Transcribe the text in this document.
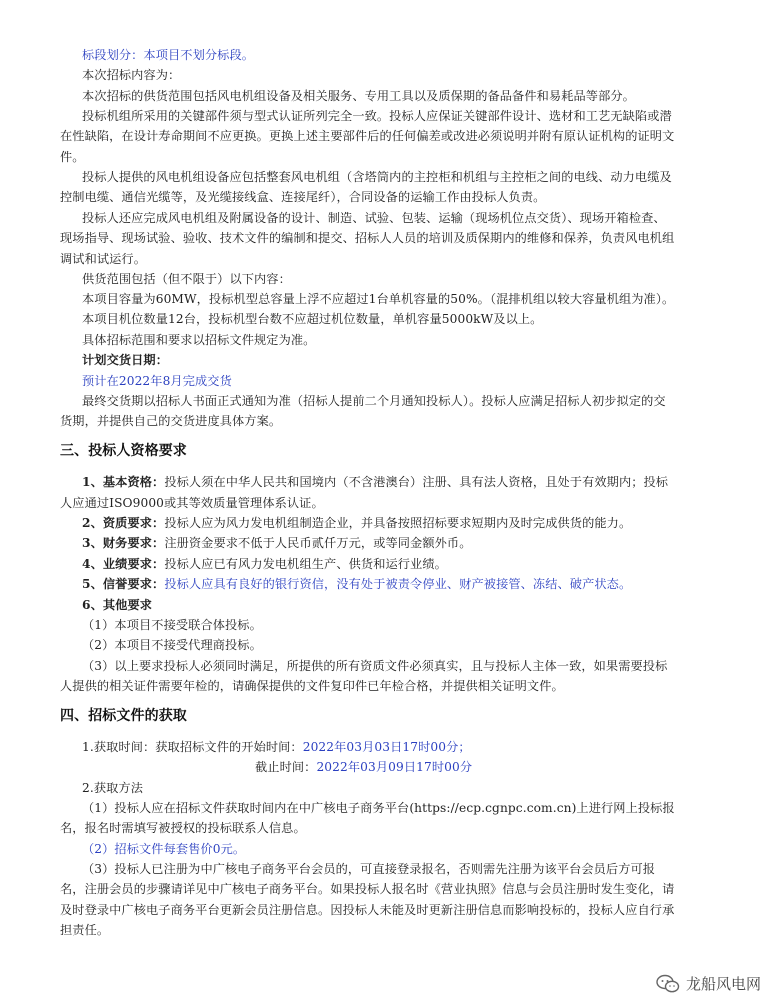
标段划分：本项目不划分标段。
本次招标内容为：
本次招标的供货范围包括风电机组设备及相关服务、专用工具以及质保期的备品备件和易耗品等部分。
投标机组所采用的关键部件须与型式认证所列完全一致。投标人应保证关键部件设计、选材和工艺无缺陷或潜
在性缺陷，在设计寿命期间不应更换。更换上述主要部件后的任何偏差或改进必须说明并附有原认证机构的证明文
件。
投标人提供的风电机组设备应包括整套风电机组（含塔筒内的主控柜和机组与主控柜之间的电线、动力电缆及
控制电缆、通信光缆等，及光缆接线盒、连接尾纤），合同设备的运输工作由投标人负责。
投标人还应完成风电机组及附属设备的设计、制造、试验、包装、运输（现场机位点交货）、现场开箱检查、
现场指导、现场试验、验收、技术文件的编制和提交、招标人人员的培训及质保期内的维修和保养，负责风电机组
调试和试运行。
供货范围包括（但不限于）以下内容：
本项目容量为60MW，投标机型总容量上浮不应超过1台单机容量的50%。（混排机组以较大容量机组为准）。
本项目机位数量12台，投标机型台数不应超过机位数量，单机容量5000kW及以上。
具体招标范围和要求以招标文件规定为准。
计划交货日期：
预计在2022年8月完成交货
最终交货期以招标人书面正式通知为准（招标人提前二个月通知投标人）。投标人应满足招标人初步拟定的交
货期，并提供自己的交货进度具体方案。
三、投标人资格要求
1、基本资格：投标人须在中华人民共和国境内（不含港澳台）注册、具有法人资格，且处于有效期内；投标
人应通过ISO9000或其等效质量管理体系认证。
2、资质要求：投标人应为风力发电机组制造企业，并具备按照招标要求短期内及时完成供货的能力。
3、财务要求：注册资金要求不低于人民币贰仟万元，或等同金额外币。
4、业绩要求：投标人应已有风力发电机组生产、供货和运行业绩。
5、信誉要求：投标人应具有良好的银行资信，没有处于被责令停业、财产被接管、冻结、破产状态。
6、其他要求
（1）本项目不接受联合体投标。
（2）本项目不接受代理商投标。
（3）以上要求投标人必须同时满足，所提供的所有资质文件必须真实，且与投标人主体一致，如果需要投标
人提供的相关证件需要年检的，请确保提供的文件复印件已年检合格，并提供相关证明文件。
四、招标文件的获取
1.获取时间：获取招标文件的开始时间：2022年03月03日17时00分；
截止时间：2022年03月09日17时00分
2.获取方法
（1）投标人应在招标文件获取时间内在中广核电子商务平台(https://ecp.cgnpc.com.cn)上进行网上投标报
名，报名时需填写被授权的投标联系人信息。
（2）招标文件每套售价0元。
（3）投标人已注册为中广核电子商务平台会员的，可直接登录报名，否则需先注册为该平台会员后方可报
名，注册会员的步骤请详见中广核电子商务平台。如果投标人报名时《营业执照》信息与会员注册时发生变化，请
及时登录中广核电子商务平台更新会员注册信息。因投标人未能及时更新注册信息而影响投标的，投标人应自行承
担责任。
龙船风电网
